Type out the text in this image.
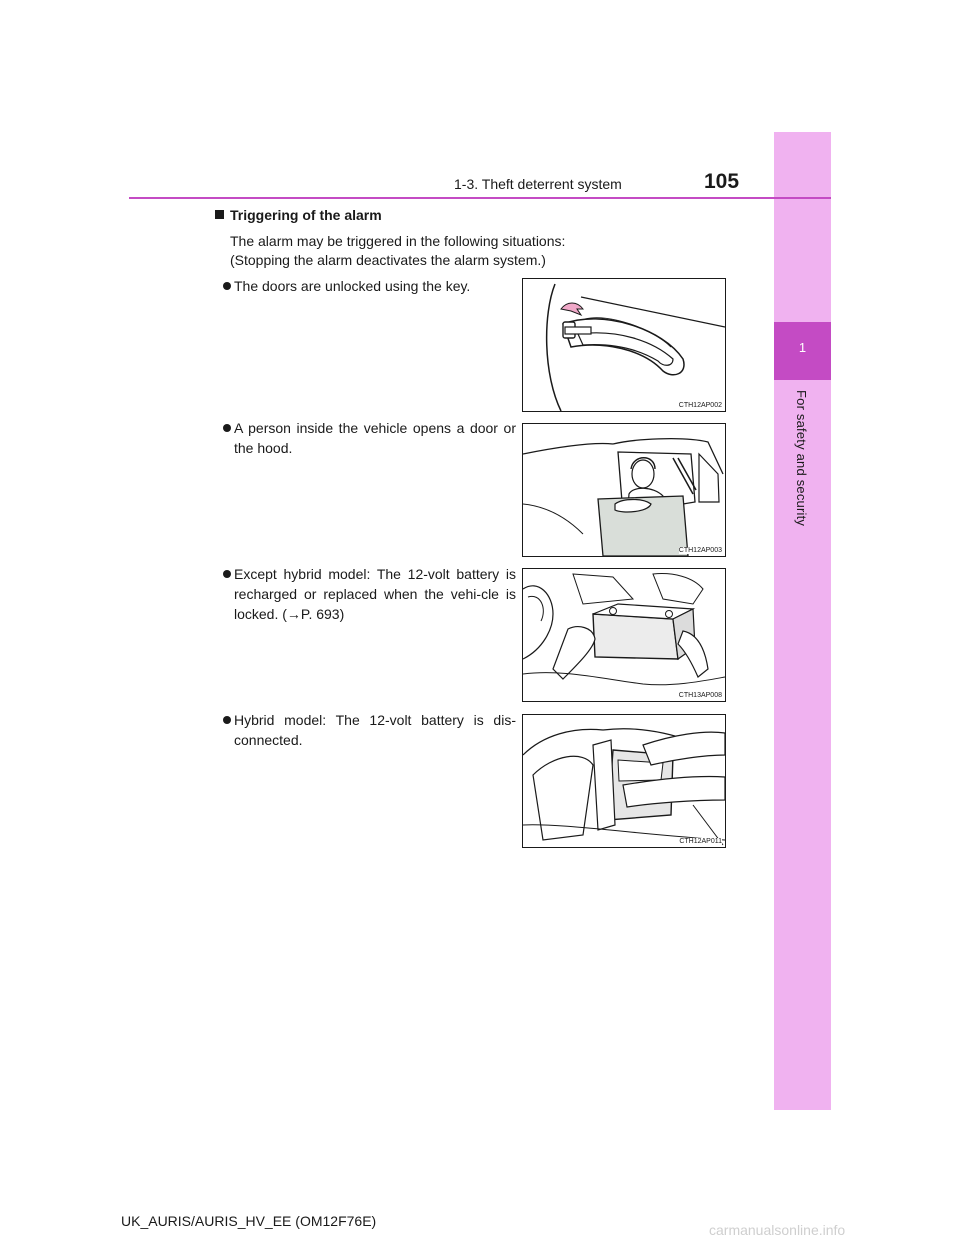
1
For safety and security
1-3. Theft deterrent system	105
Triggering of the alarm
The alarm may be triggered in the following situations:
(Stopping the alarm deactivates the alarm system.)
The doors are unlocked using the key.
CTH12AP002
A person inside the vehicle opens a door or the hood.
CTH12AP003
Except hybrid model: The 12-volt battery is recharged or replaced when the vehi-cle is locked. (→P. 693)
CTH13AP008
Hybrid model: The 12-volt battery is dis-connected.
CTH12AP011
UK_AURIS/AURIS_HV_EE (OM12F76E)
carmanualsonline.info
